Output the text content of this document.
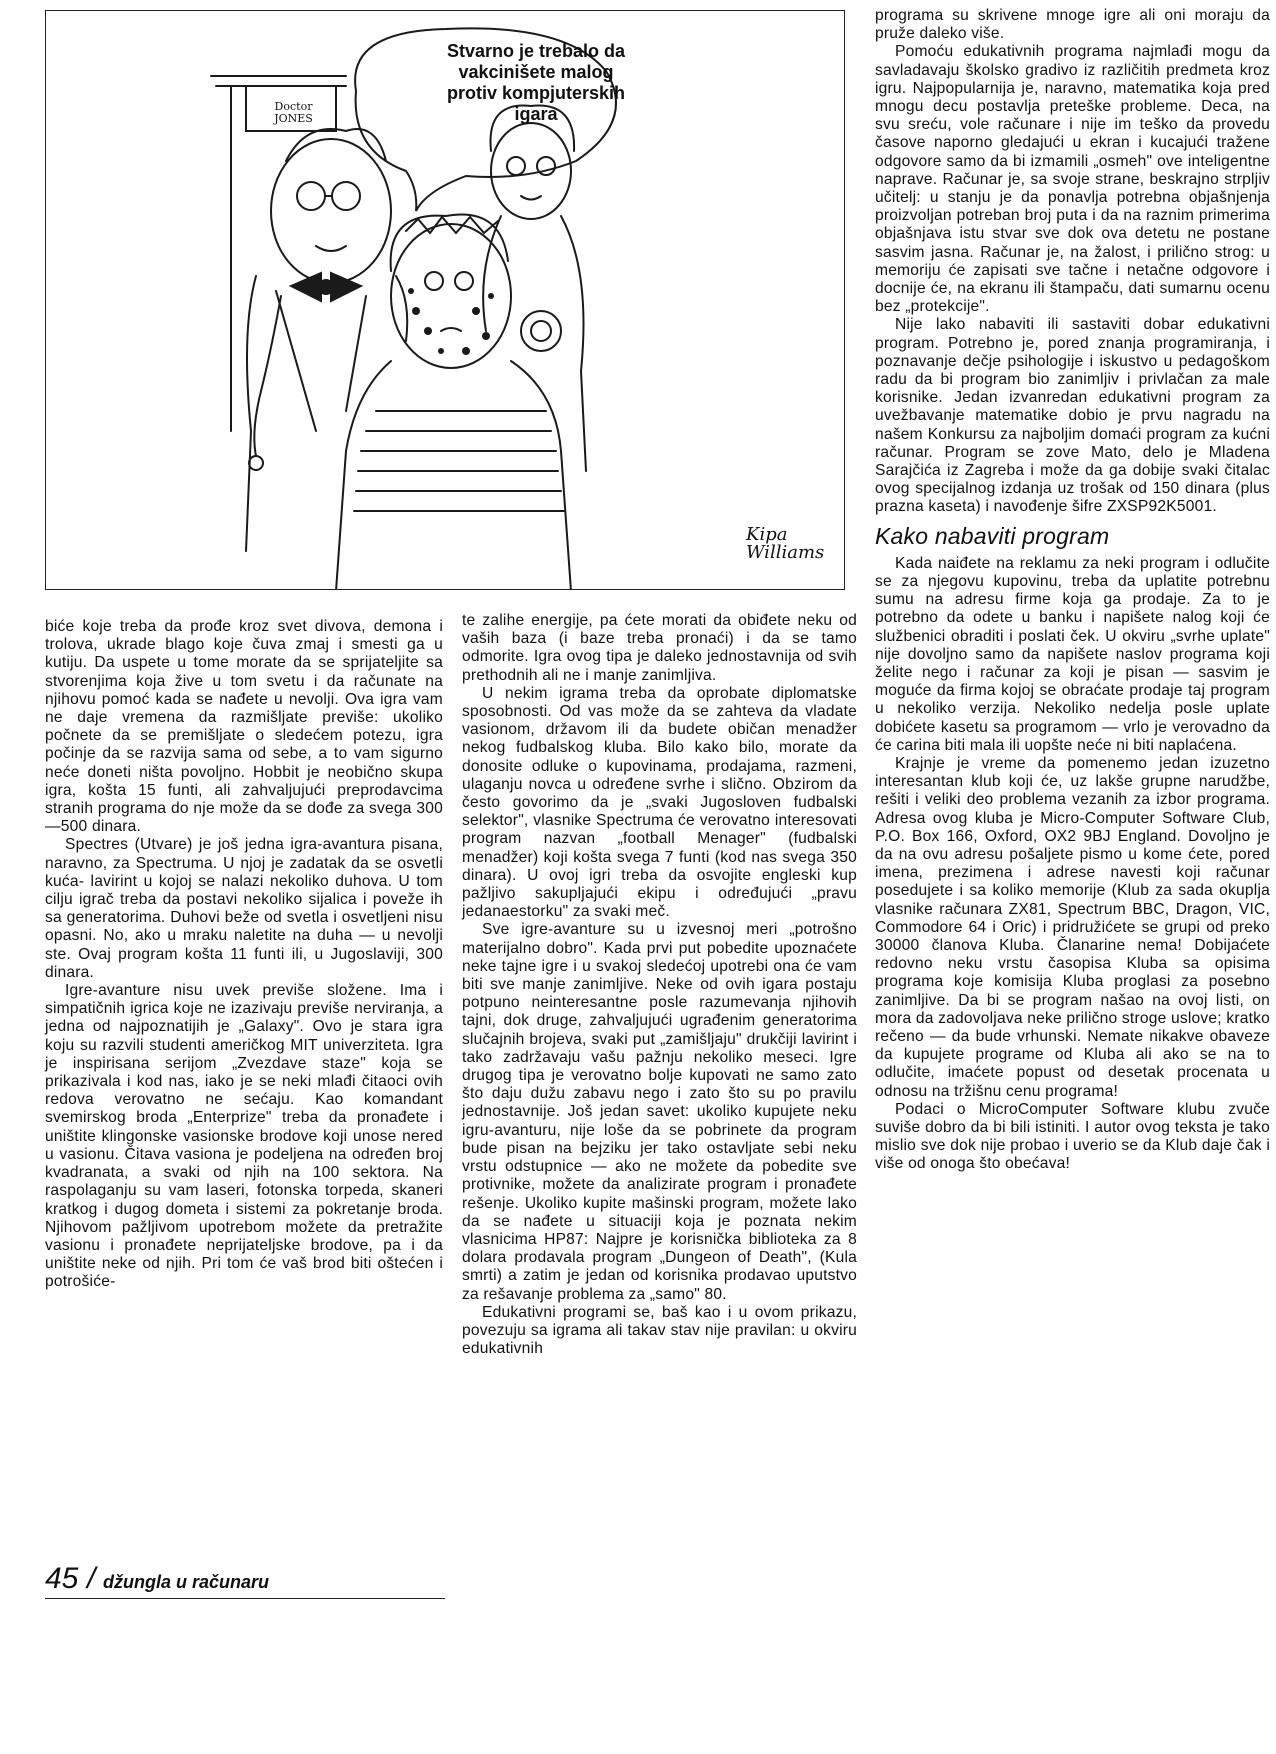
Stvarno je trebalo da vakcinišete malog protiv kompjuterskih igara
Doctor JONES
Kipa Williams

biće koje treba da prođe kroz svet divova, demona i trolova, ukrade blago koje čuva zmaj i smesti ga u kutiju. Da uspete u tome morate da se sprijateljite sa stvorenjima koja žive u tom svetu i da računate na njihovu pomoć kada se nađete u nevolji. Ova igra vam ne daje vremena da razmišljate previše: ukoliko počnete da se premišljate o sledećem potezu, igra počinje da se razvija sama od sebe, a to vam sigurno neće doneti ništa povoljno. Hobbit je neobično skupa igra, košta 15 funti, ali zahvaljujući preprodavcima stranih programa do nje može da se dođe za svega 300—500 dinara.

Spectres (Utvare) je još jedna igra-avantura pisana, naravno, za Spectruma. U njoj je zadatak da se osvetli kuća- lavirint u kojoj se nalazi nekoliko duhova. U tom cilju igrač treba da postavi nekoliko sijalica i poveže ih sa generatorima. Duhovi beže od svetla i osvetljeni nisu opasni. No, ako u mraku naletite na duha — u nevolji ste. Ovaj program košta 11 funti ili, u Jugoslaviji, 300 dinara.

Igre-avanture nisu uvek previše složene. Ima i simpatičnih igrica koje ne izazivaju previše nerviranja, a jedna od najpoznatijih je „Galaxy". Ovo je stara igra koju su razvili studenti američkog MIT univerziteta. Igra je inspirisana serijom „Zvezdave staze" koja se prikazivala i kod nas, iako je se neki mlađi čitaoci ovih redova verovatno ne sećaju. Kao komandant svemirskog broda „Enterprize" treba da pronađete i uništite klingonske vasionske brodove koji unose nered u vasionu. Čitava vasiona je podeljena na određen broj kvadranata, a svaki od njih na 100 sektora. Na raspolaganju su vam laseri, fotonska torpeda, skaneri kratkog i dugog dometa i sistemi za pokretanje broda. Njihovom pažljivom upotrebom možete da pretražite vasionu i pronađete neprijateljske brodove, pa i da uništite neke od njih. Pri tom će vaš brod biti oštećen i potrošiće-

te zalihe energije, pa ćete morati da obiđete neku od vaših baza (i baze treba pronaći) i da se tamo odmorite. Igra ovog tipa je daleko jednostavnija od svih prethodnih ali ne i manje zanimljiva.

U nekim igrama treba da oprobate diplomatske sposobnosti. Od vas može da se zahteva da vladate vasionom, državom ili da budete običan menadžer nekog fudbalskog kluba. Bilo kako bilo, morate da donosite odluke o kupovinama, prodajama, razmeni, ulaganju novca u određene svrhe i slično. Obzirom da često govorimo da je „svaki Jugosloven fudbalski selektor", vlasnike Spectruma će verovatno interesovati program nazvan „football Menager" (fudbalski menadžer) koji košta svega 7 funti (kod nas svega 350 dinara). U ovoj igri treba da osvojite engleski kup pažljivo sakupljajući ekipu i određujući „pravu jedanaestorku" za svaki meč.

Sve igre-avanture su u izvesnoj meri „potrošno materijalno dobro". Kada prvi put pobedite upoznaćete neke tajne igre i u svakoj sledećoj upotrebi ona će vam biti sve manje zanimljive. Neke od ovih igara postaju potpuno neinteresantne posle razumevanja njihovih tajni, dok druge, zahvaljujući ugrađenim generatorima slučajnih brojeva, svaki put „zamišljaju" drukčiji lavirint i tako zadržavaju vašu pažnju nekoliko meseci. Igre drugog tipa je verovatno bolje kupovati ne samo zato što daju dužu zabavu nego i zato što su po pravilu jednostavnije. Još jedan savet: ukoliko kupujete neku igru-avanturu, nije loše da se pobrinete da program bude pisan na bejziku jer tako ostavljate sebi neku vrstu odstupnice — ako ne možete da pobedite sve protivnike, možete da analizirate program i pronađete rešenje. Ukoliko kupite mašinski program, možete lako da se nađete u situaciji koja je poznata nekim vlasnicima HP87: Najpre je korisnička biblioteka za 8 dolara prodavala program „Dungeon of Death", (Kula smrti) a zatim je jedan od korisnika prodavao uputstvo za rešavanje problema za „samo" 80.

Edukativni programi se, baš kao i u ovom prikazu, povezuju sa igrama ali takav stav nije pravilan: u okviru edukativnih

programa su skrivene mnoge igre ali oni moraju da pruže daleko više.

Pomoću edukativnih programa najmlađi mogu da savladavaju školsko gradivo iz različitih predmeta kroz igru. Najpopularnija je, naravno, matematika koja pred mnogu decu postavlja preteške probleme. Deca, na svu sreću, vole računare i nije im teško da provedu časove naporno gledajući u ekran i kucajući tražene odgovore samo da bi izmamili „osmeh" ove inteligentne naprave. Računar je, sa svoje strane, beskrajno strpljiv učitelj: u stanju je da ponavlja potrebna objašnjenja proizvoljan potreban broj puta i da na raznim primerima objašnjava istu stvar sve dok ova detetu ne postane sasvim jasna. Računar je, na žalost, i prilično strog: u memoriju će zapisati sve tačne i netačne odgovore i docnije će, na ekranu ili štampaču, dati sumarnu ocenu bez „protekcije".

Nije lako nabaviti ili sastaviti dobar edukativni program. Potrebno je, pored znanja programiranja, i poznavanje dečje psihologije i iskustvo u pedagoškom radu da bi program bio zanimljiv i privlačan za male korisnike. Jedan izvanredan edukativni program za uvežbavanje matematike dobio je prvu nagradu na našem Konkursu za najboljim domaći program za kućni računar. Program se zove Mato, delo je Mladena Sarajčića iz Zagreba i može da ga dobije svaki čitalac ovog specijalnog izdanja uz trošak od 150 dinara (plus prazna kaseta) i navođenje šifre ZXSP92K5001.

Kako nabaviti program

Kada naiđete na reklamu za neki program i odlučite se za njegovu kupovinu, treba da uplatite potrebnu sumu na adresu firme koja ga prodaje. Za to je potrebno da odete u banku i napišete nalog koji će službenici obraditi i poslati ček. U okviru „svrhe uplate" nije dovoljno samo da napišete naslov programa koji želite nego i računar za koji je pisan — sasvim je moguće da firma kojoj se obraćate prodaje taj program u nekoliko verzija. Nekoliko nedelja posle uplate dobićete kasetu sa programom — vrlo je verovadno da će carina biti mala ili uopšte neće ni biti naplaćena.

Krajnje je vreme da pomenemo jedan izuzetno interesantan klub koji će, uz lakše grupne narudžbe, rešiti i veliki deo problema vezanih za izbor programa. Adresa ovog kluba je Micro-Computer Software Club, P.O. Box 166, Oxford, OX2 9BJ England. Dovoljno je da na ovu adresu pošaljete pismo u kome ćete, pored imena, prezimena i adrese navesti koji računar posedujete i sa koliko memorije (Klub za sada okuplja vlasnike računara ZX81, Spectrum BBC, Dragon, VIC, Commodore 64 i Oric) i pridružićete se grupi od preko 30000 članova Kluba. Članarine nema! Dobijaćete redovno neku vrstu časopisa Kluba sa opisima programa koje komisija Kluba proglasi za posebno zanimljive. Da bi se program našao na ovoj listi, on mora da zadovoljava neke prilično stroge uslove; kratko rečeno — da bude vrhunski. Nemate nikakve obaveze da kupujete programe od Kluba ali ako se na to odlučite, imaćete popust od desetak procenata u odnosu na tržišnu cenu programa!

Podaci o MicroComputer Software klubu zvuče suviše dobro da bi bili istiniti. I autor ovog teksta je tako mislio sve dok nije probao i uverio se da Klub daje čak i više od onoga što obećava!

45 / džungla u računaru
